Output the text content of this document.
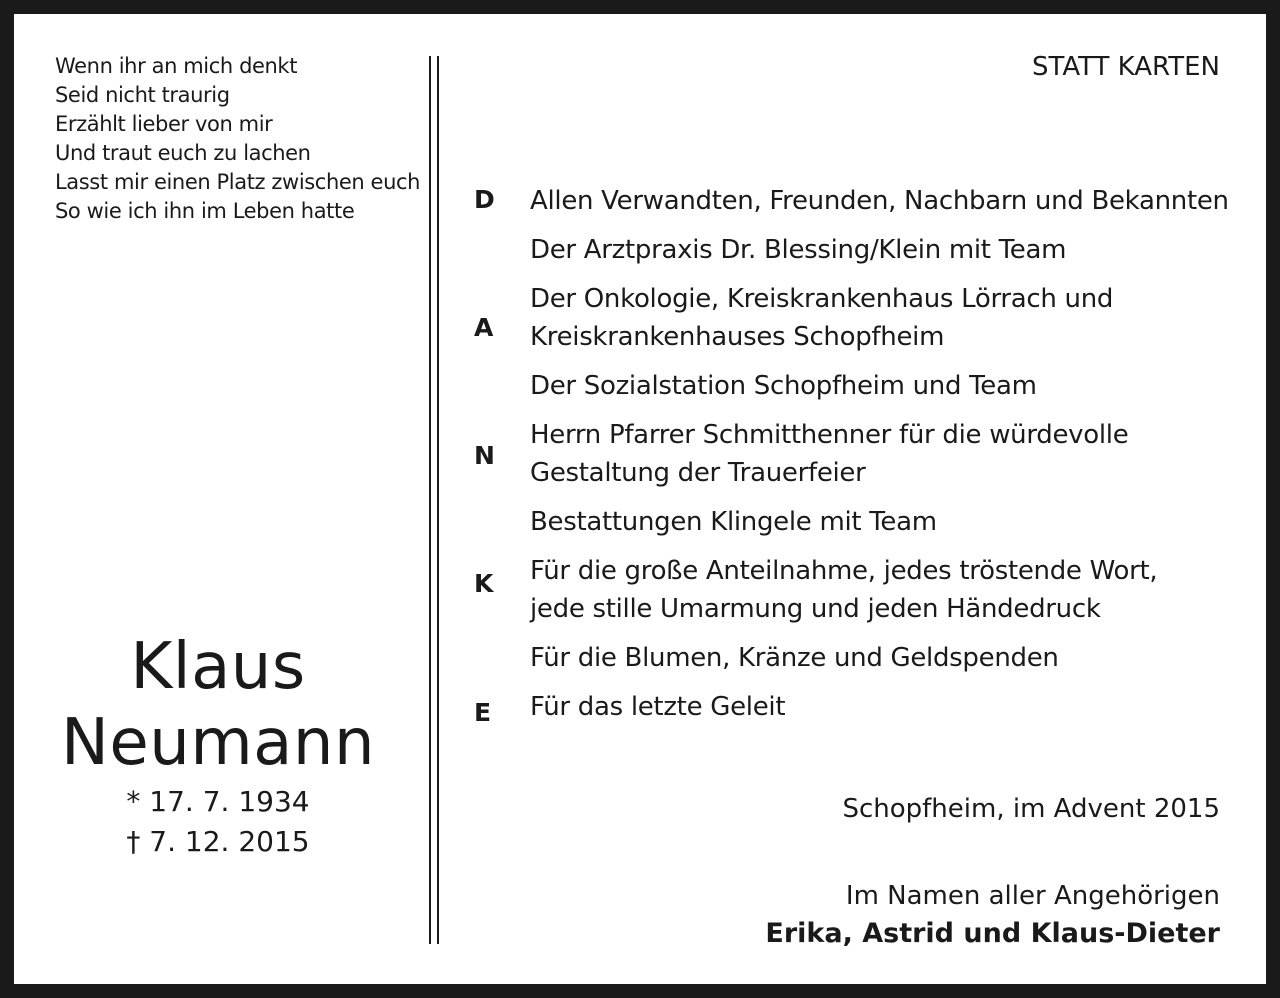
Wenn ihr an mich denkt
Seid nicht traurig
Erzählt lieber von mir
Und traut euch zu lachen
Lasst mir einen Platz zwischen euch
So wie ich ihn im Leben hatte
Klaus
Neumann
* 17. 7. 1934
† 7. 12. 2015
STATT KARTEN
D
A
N
K
E
Allen Verwandten, Freunden, Nachbarn und Bekannten
Der Arztpraxis Dr. Blessing/Klein mit Team
Der Onkologie, Kreiskrankenhaus Lörrach und
Kreiskrankenhauses Schopfheim
Der Sozialstation Schopfheim und Team
Herrn Pfarrer Schmitthenner für die würdevolle
Gestaltung der Trauerfeier
Bestattungen Klingele mit Team
Für die große Anteilnahme, jedes tröstende Wort,
jede stille Umarmung und jeden Händedruck
Für die Blumen, Kränze und Geldspenden
Für das letzte Geleit
Schopfheim, im Advent 2015
Im Namen aller Angehörigen
Erika, Astrid und Klaus-Dieter
